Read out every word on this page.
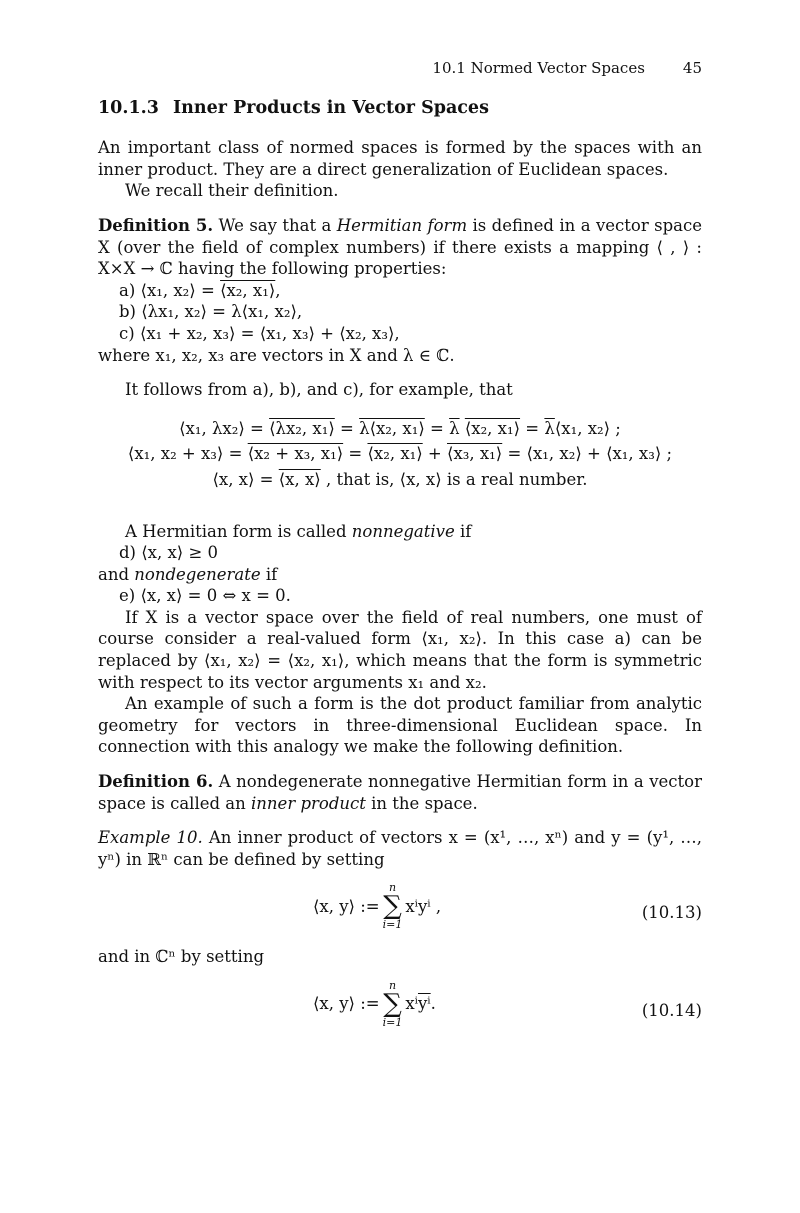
10.1 Normed Vector Spaces	45
10.1.3 Inner Products in Vector Spaces

An important class of normed spaces is formed by the spaces with an inner product. They are a direct generalization of Euclidean spaces.

We recall their definition.

Definition 5. We say that a Hermitian form is defined in a vector space X (over the field of complex numbers) if there exists a mapping ⟨ , ⟩ : X×X → ℂ having the following properties:

a) ⟨x₁, x₂⟩ = ⟨x₂, x₁⟩,
b) ⟨λx₁, x₂⟩ = λ⟨x₁, x₂⟩,
c) ⟨x₁ + x₂, x₃⟩ = ⟨x₁, x₃⟩ + ⟨x₂, x₃⟩,

where x₁, x₂, x₃ are vectors in X and λ ∈ ℂ.

It follows from a), b), and c), for example, that

⟨x₁, λx₂⟩ = ⟨λx₂, x₁⟩ = λ⟨x₂, x₁⟩ = $\overline{\lambda}$ ⟨x₂, x₁⟩ = $\overline{\lambda}⟨x_1$, x₂⟩ ;
⟨x₁, x₂ + x₃⟩ = ⟨x₂ + x₃, x₁⟩ = ⟨x₂, x₁⟩ + ⟨x₃, x₁⟩ = ⟨x₁, x₂⟩ + ⟨x₁, x₃⟩ ;
⟨x, x⟩ = ⟨x, x⟩ , that is, ⟨x, x⟩ is a real number.

A Hermitian form is called nonnegative if

d) ⟨x, x⟩ ≥ 0

and nondegenerate if

e) ⟨x, x⟩ = 0 ⇔ x = 0.

If X is a vector space over the field of real numbers, one must of course consider a real-valued form ⟨x₁, x₂⟩. In this case a) can be replaced by ⟨x₁, x₂⟩ = ⟨x₂, x₁⟩, which means that the form is symmetric with respect to its vector arguments x₁ and x₂.

An example of such a form is the dot product familiar from analytic geometry for vectors in three-dimensional Euclidean space. In connection with this analogy we make the following definition.

Definition 6. A nondegenerate nonnegative Hermitian form in a vector space is called an inner product in the space.

Example 10. An inner product of vectors x = (x¹, …, xⁿ) and y = (y¹, …, yⁿ) in ℝⁿ can be defined by setting

⟨x, y⟩ :=
n
∑
i=1
xⁱyⁱ ,	(10.13)

and in ℂⁿ by setting

⟨x, y⟩ :=
n
∑
i=1
xⁱ $\overline{y^i}$ .	(10.14)
